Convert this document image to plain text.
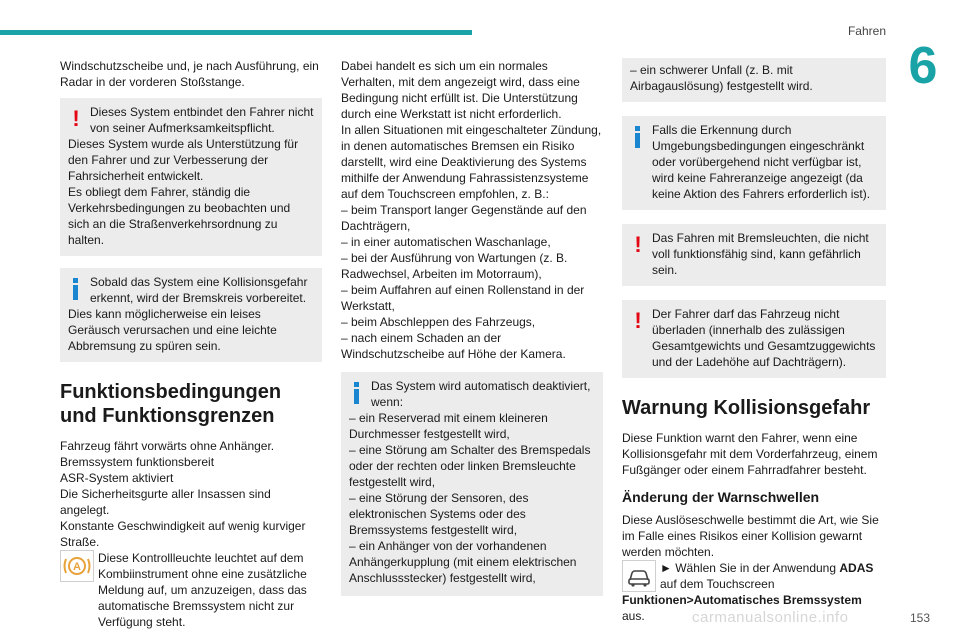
Fahren
6

Windschutzscheibe und, je nach Ausführung, ein Radar in der vorderen Stoßstange.

! Dieses System entbindet den Fahrer nicht von seiner Aufmerksamkeitspflicht.

Dieses System wurde als Unterstützung für den Fahrer und zur Verbesserung der Fahrsicherheit entwickelt.

Es obliegt dem Fahrer, ständig die Verkehrsbedingungen zu beobachten und sich an die Straßenverkehrsordnung zu halten.

Sobald das System eine Kollisionsgefahr erkennt, wird der Bremskreis vorbereitet.

Dies kann möglicherweise ein leises Geräusch verursachen und eine leichte Abbremsung zu spüren sein.

Funktionsbedingungen und Funktionsgrenzen

Fahrzeug fährt vorwärts ohne Anhänger.

Bremssystem funktionsbereit

ASR-System aktiviert

Die Sicherheitsgurte aller Insassen sind angelegt.

Konstante Geschwindigkeit auf wenig kurviger Straße.

A

Diese Kontrollleuchte leuchtet auf dem Kombiinstrument ohne eine zusätzliche Meldung auf, um anzuzeigen, dass das automatische Bremssystem nicht zur Verfügung steht.

Dabei handelt es sich um ein normales Verhalten, mit dem angezeigt wird, dass eine Bedingung nicht erfüllt ist. Die Unterstützung durch eine Werkstatt ist nicht erforderlich.

In allen Situationen mit eingeschalteter Zündung, in denen automatisches Bremsen ein Risiko darstellt, wird eine Deaktivierung des Systems mithilfe der Anwendung Fahrassistenzsysteme auf dem Touchscreen empfohlen, z. B.:

– beim Transport langer Gegenstände auf den Dachträgern,

– in einer automatischen Waschanlage,

– bei der Ausführung von Wartungen (z. B. Radwechsel, Arbeiten im Motorraum),

– beim Auffahren auf einen Rollenstand in der Werkstatt,

– beim Abschleppen des Fahrzeugs,

– nach einem Schaden an der Windschutzscheibe auf Höhe der Kamera.

Das System wird automatisch deaktiviert, wenn:

– ein Reserverad mit einem kleineren Durchmesser festgestellt wird,

– eine Störung am Schalter des Bremspedals oder der rechten oder linken Bremsleuchte festgestellt wird,

– eine Störung der Sensoren, des elektronischen Systems oder des Bremssystems festgestellt wird,

– ein Anhänger von der vorhandenen Anhängerkupplung (mit einem elektrischen Anschlussstecker) festgestellt wird,

– ein schwerer Unfall (z. B. mit Airbagauslösung) festgestellt wird.

Falls die Erkennung durch Umgebungsbedingungen eingeschränkt oder vorübergehend nicht verfügbar ist, wird keine Fahreranzeige angezeigt (da keine Aktion des Fahrers erforderlich ist).

! Das Fahren mit Bremsleuchten, die nicht voll funktionsfähig sind, kann gefährlich sein.

! Der Fahrer darf das Fahrzeug nicht überladen (innerhalb des zulässigen Gesamtgewichts und Gesamtzuggewichts und der Ladehöhe auf Dachträgern).

Warnung Kollisionsgefahr

Diese Funktion warnt den Fahrer, wenn eine Kollisionsgefahr mit dem Vorderfahrzeug, einem Fußgänger oder einem Fahrradfahrer besteht.

Änderung der Warnschwellen

Diese Auslöseschwelle bestimmt die Art, wie Sie im Falle eines Risikos einer Kollision gewarnt werden möchten.

► Wählen Sie in der Anwendung ADAS auf dem Touchscreen

Funktionen>Automatisches Bremssystem aus.	carmanualsonline.info	153
